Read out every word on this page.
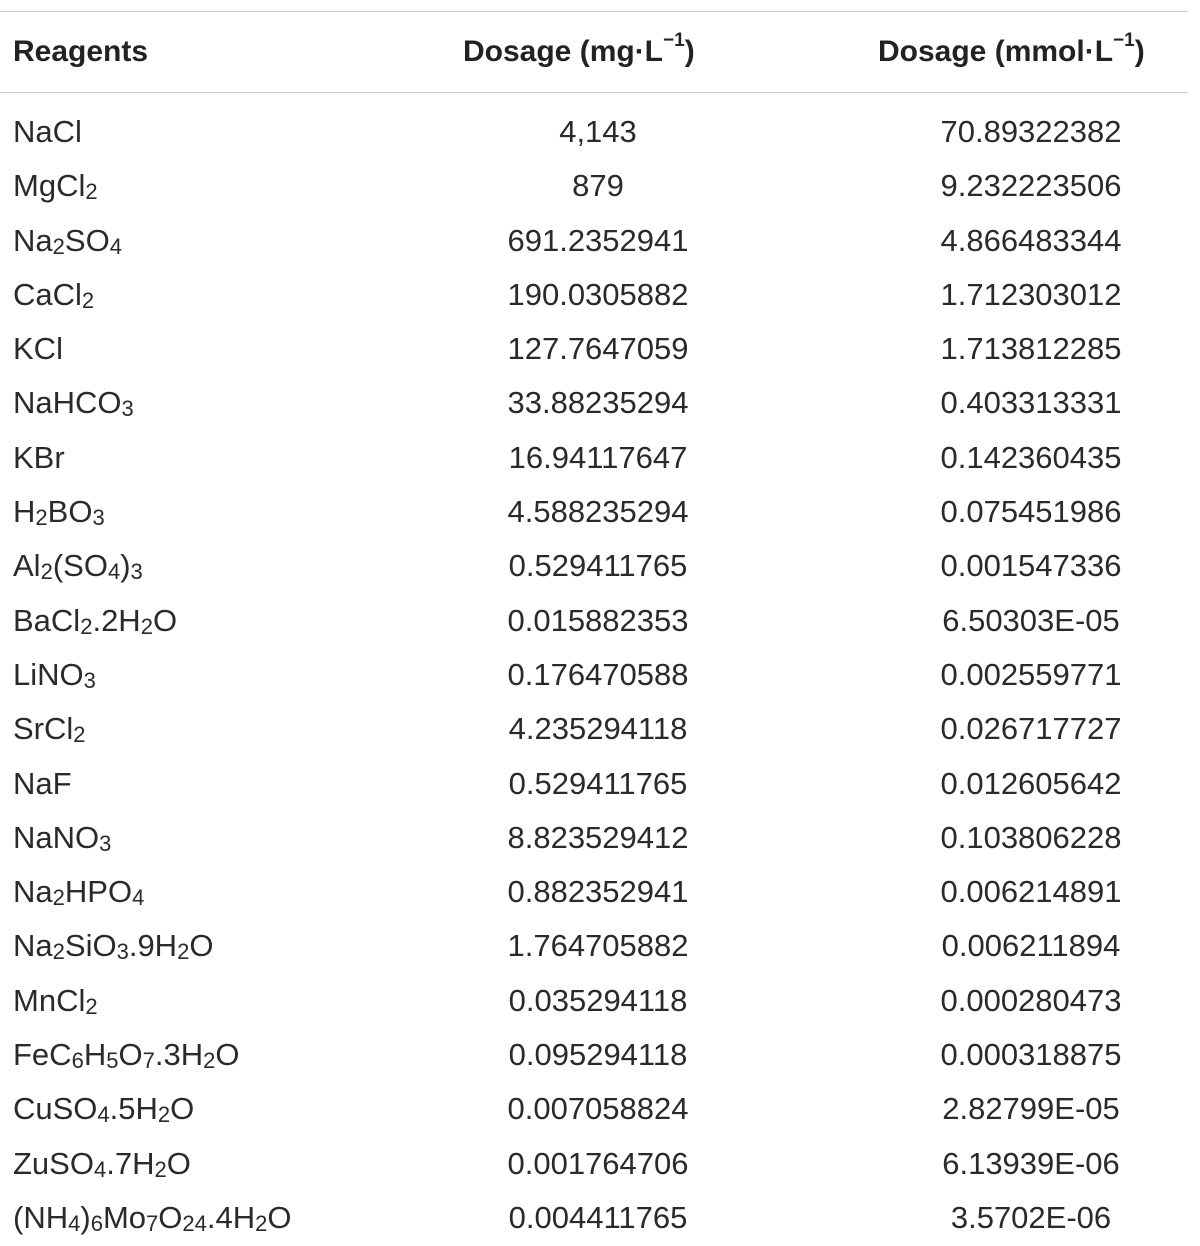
Reagents	Dosage $(mg\cdot L^{-1})$	Dosage $(mmol\cdot L^{-1})$
NaCl	4,143	70.89322382
MgCl$_2$	879	9.232223506
$Na_2SO_4$	691.2352941	4.866483344
CaCl$_2$	190.0305882	1.712303012
KCl	127.7647059	1.713812285
NaHCO$_3$	33.88235294	0.403313331
KBr	16.94117647	0.142360435
$H_2BO_3$	4.588235294	0.075451986
$Al_2(SO_4)_3$	0.529411765	0.001547336
$BaCl_2.2H_2O$	0.015882353	6.50303E-05
LiNO$_3$	0.176470588	0.002559771
SrCl$_2$	4.235294118	0.026717727
NaF	0.529411765	0.012605642
NaNO$_3$	8.823529412	0.103806228
$Na_2HPO_4$	0.882352941	0.006214891
$Na_2SiO_3.9H_2O$	1.764705882	0.006211894
MnCl$_2$	0.035294118	0.000280473
$FeC_6H_5O_7.3H_2O$	0.095294118	0.000318875
$CuSO_4.5H_2O$	0.007058824	2.82799E-05
$ZuSO_4.7H_2O$	0.001764706	6.13939E-06
$(NH_4)_6Mo_7O_{24}.4H_2O$	0.004411765	3.5702E-06
